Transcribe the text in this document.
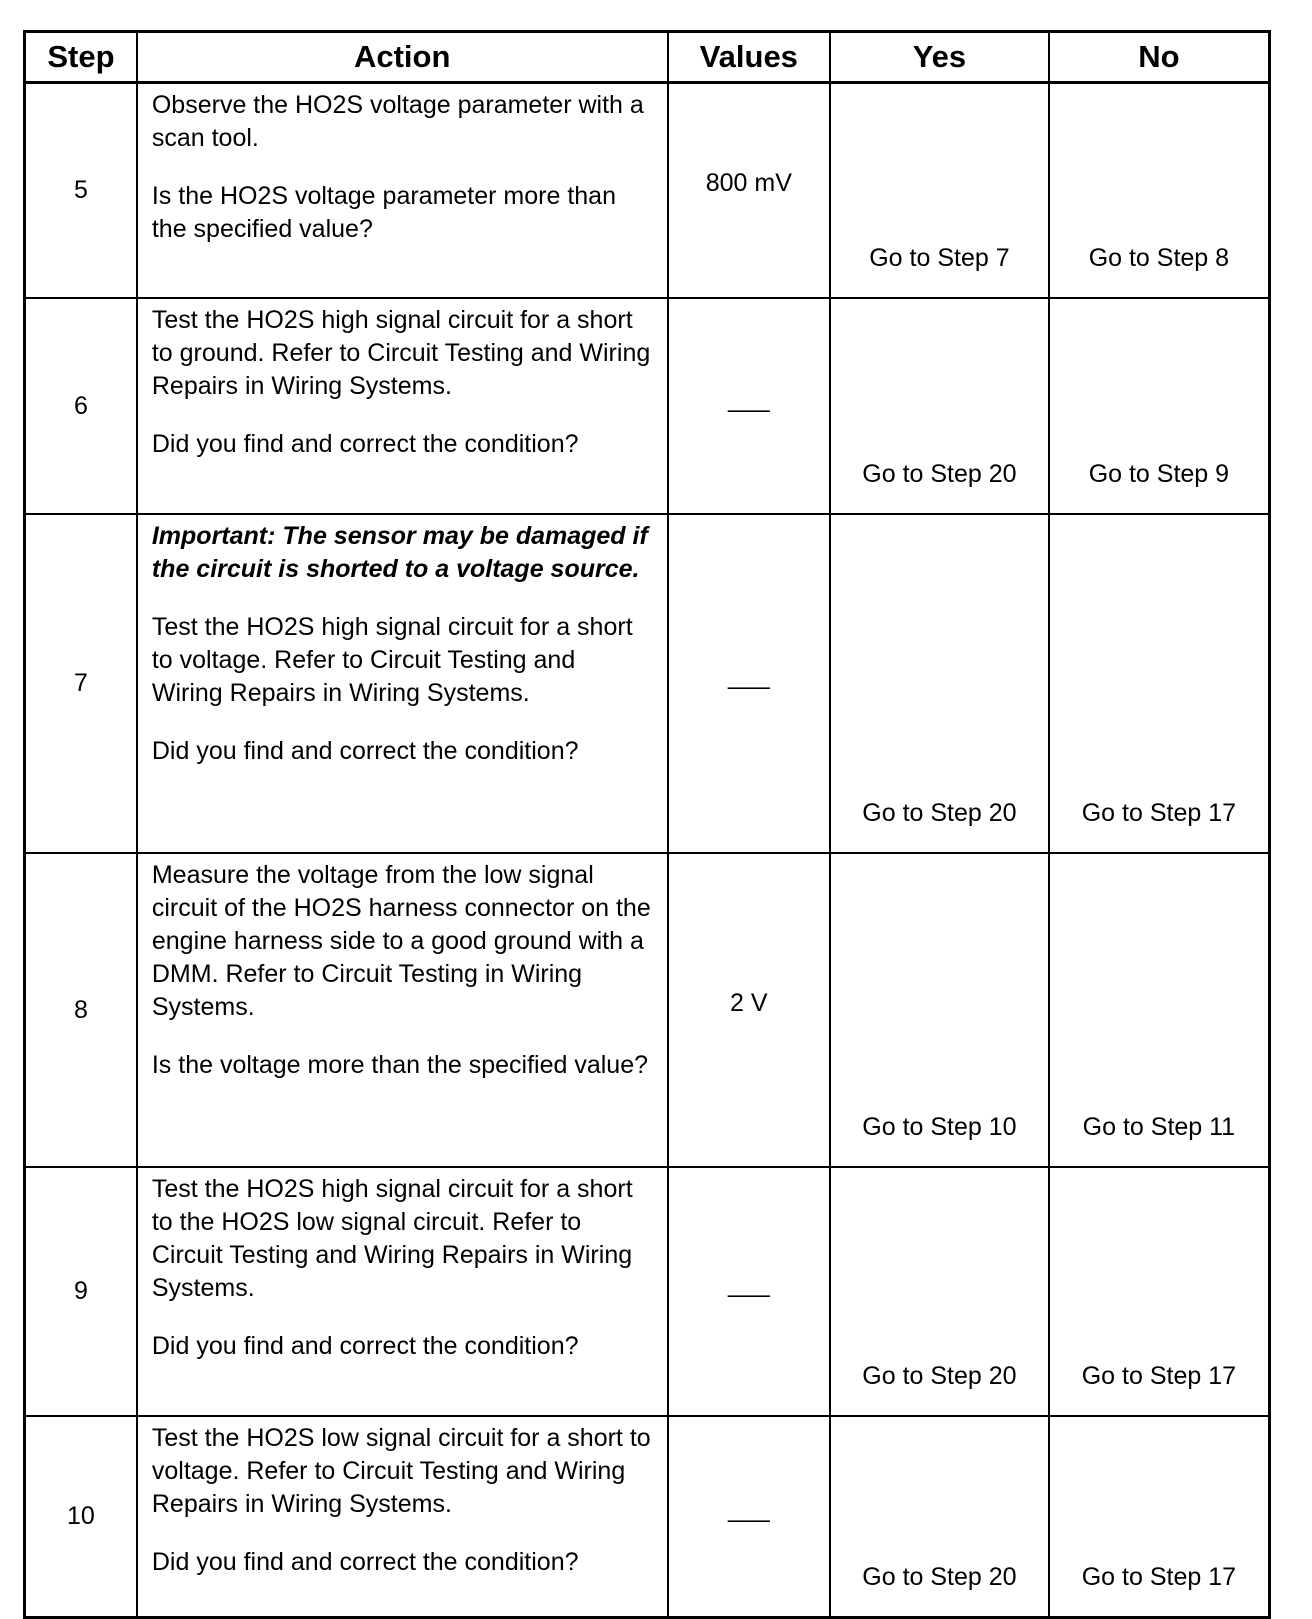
Step	Action	Values	Yes	No
5	Observe the HO2S voltage parameter with a scan tool.

Is the HO2S voltage parameter more than the specified value?	800 mV	Go to Step 7	Go to Step 8
6	Test the HO2S high signal circuit for a short to ground. Refer to Circuit Testing and Wiring Repairs in Wiring Systems.

Did you find and correct the condition?	___	Go to Step 20	Go to Step 9
7	Important: The sensor may be damaged if the circuit is shorted to a voltage source.

Test the HO2S high signal circuit for a short to voltage. Refer to Circuit Testing and Wiring Repairs in Wiring Systems.

Did you find and correct the condition?	___	Go to Step 20	Go to Step 17
8	Measure the voltage from the low signal circuit of the HO2S harness connector on the engine harness side to a good ground with a DMM. Refer to Circuit Testing in Wiring Systems.

Is the voltage more than the specified value?	2 V	Go to Step 10	Go to Step 11
9	Test the HO2S high signal circuit for a short to the HO2S low signal circuit. Refer to Circuit Testing and Wiring Repairs in Wiring Systems.

Did you find and correct the condition?	___	Go to Step 20	Go to Step 17
10	Test the HO2S low signal circuit for a short to voltage. Refer to Circuit Testing and Wiring Repairs in Wiring Systems.

Did you find and correct the condition?	___	Go to Step 20	Go to Step 17
